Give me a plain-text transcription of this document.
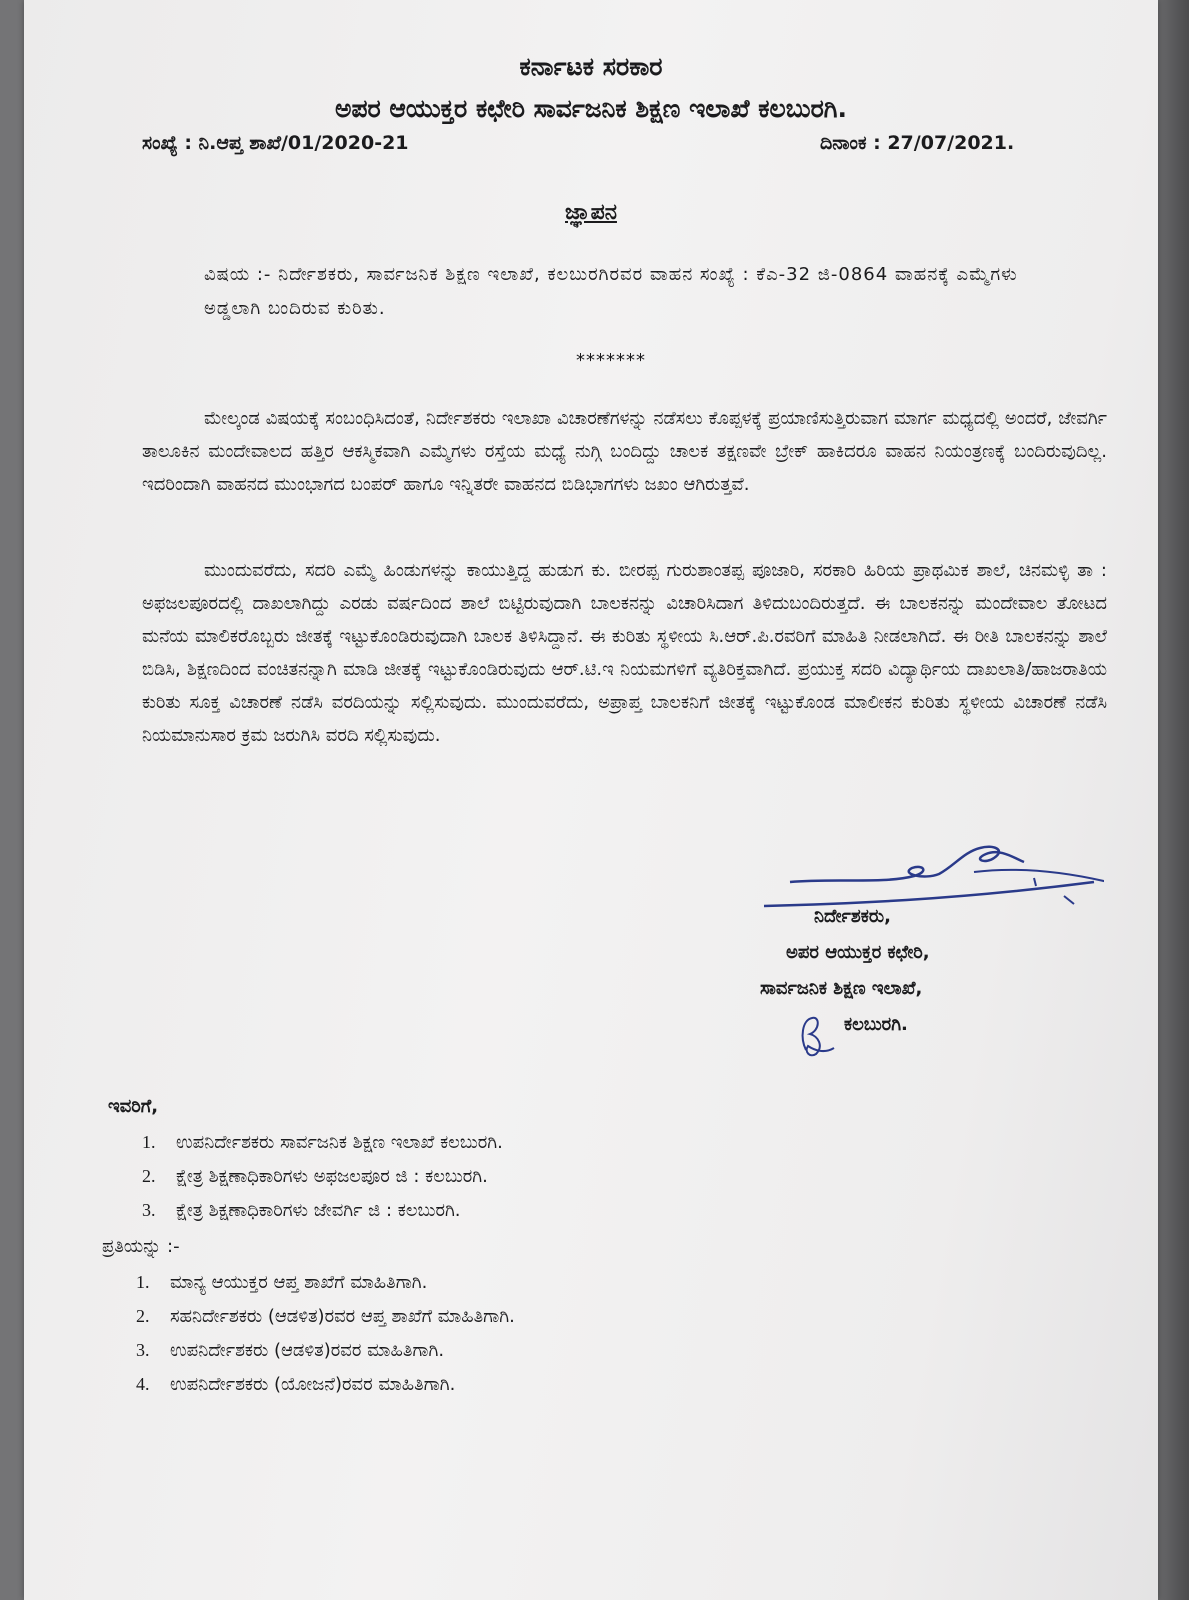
ಕರ್ನಾಟಕ ಸರಕಾರ
ಅಪರ ಆಯುಕ್ತರ ಕಛೇರಿ ಸಾರ್ವಜನಿಕ ಶಿಕ್ಷಣ ಇಲಾಖೆ ಕಲಬುರಗಿ.
ಸಂಖ್ಯೆ : ನಿ.ಆಪ್ತ ಶಾಖೆ/01/2020-21	ದಿನಾಂಕ : 27/07/2021.
ಜ್ಞಾಪನ
ವಿಷಯ :- ನಿರ್ದೇಶಕರು, ಸಾರ್ವಜನಿಕ ಶಿಕ್ಷಣ ಇಲಾಖೆ, ಕಲಬುರಗಿರವರ ವಾಹನ ಸಂಖ್ಯೆ : ಕೆಎ-32 ಜಿ-0864 ವಾಹನಕ್ಕೆ ಎಮ್ಮೆಗಳು ಅಡ್ಡಲಾಗಿ ಬಂದಿರುವ ಕುರಿತು.
*******
ಮೇಲ್ಕಂಡ ವಿಷಯಕ್ಕೆ ಸಂಬಂಧಿಸಿದಂತೆ, ನಿರ್ದೇಶಕರು ಇಲಾಖಾ ವಿಚಾರಣೆಗಳನ್ನು ನಡೆಸಲು ಕೊಪ್ಪಳಕ್ಕೆ ಪ್ರಯಾಣಿಸುತ್ತಿರುವಾಗ ಮಾರ್ಗ ಮಧ್ಯದಲ್ಲಿ ಅಂದರೆ, ಜೇವರ್ಗಿ ತಾಲೂಕಿನ ಮಂದೇವಾಲದ ಹತ್ತಿರ ಆಕಸ್ಮಿಕವಾಗಿ ಎಮ್ಮೆಗಳು ರಸ್ತೆಯ ಮಧ್ಯೆ ನುಗ್ಗಿ ಬಂದಿದ್ದು ಚಾಲಕ ತಕ್ಷಣವೇ ಬ್ರೇಕ್ ಹಾಕಿದರೂ ವಾಹನ ನಿಯಂತ್ರಣಕ್ಕೆ ಬಂದಿರುವುದಿಲ್ಲ. ಇದರಿಂದಾಗಿ ವಾಹನದ ಮುಂಭಾಗದ ಬಂಪರ್ ಹಾಗೂ ಇನ್ನಿತರೇ ವಾಹನದ ಬಿಡಿಭಾಗಗಳು ಜಖಂ ಆಗಿರುತ್ತವೆ.
ಮುಂದುವರೆದು, ಸದರಿ ಎಮ್ಮೆ ಹಿಂಡುಗಳನ್ನು ಕಾಯುತ್ತಿದ್ದ ಹುಡುಗ ಕು. ಬೀರಪ್ಪ ಗುರುಶಾಂತಪ್ಪ ಪೂಜಾರಿ, ಸರಕಾರಿ ಹಿರಿಯ ಪ್ರಾಥಮಿಕ ಶಾಲೆ, ಚಿನಮಳ್ಳಿ ತಾ : ಅಫಜಲಪೂರದಲ್ಲಿ ದಾಖಲಾಗಿದ್ದು ಎರಡು ವರ್ಷದಿಂದ ಶಾಲೆ ಬಿಟ್ಟಿರುವುದಾಗಿ ಬಾಲಕನನ್ನು ವಿಚಾರಿಸಿದಾಗ ತಿಳಿದುಬಂದಿರುತ್ತದೆ. ಈ ಬಾಲಕನನ್ನು ಮಂದೇವಾಲ ತೋಟದ ಮನೆಯ ಮಾಲಿಕರೊಬ್ಬರು ಜೀತಕ್ಕೆ ಇಟ್ಟುಕೊಂಡಿರುವುದಾಗಿ ಬಾಲಕ ತಿಳಿಸಿದ್ದಾನೆ. ಈ ಕುರಿತು ಸ್ಥಳೀಯ ಸಿ.ಆರ್.ಪಿ.ರವರಿಗೆ ಮಾಹಿತಿ ನೀಡಲಾಗಿದೆ. ಈ ರೀತಿ ಬಾಲಕನನ್ನು ಶಾಲೆ ಬಿಡಿಸಿ, ಶಿಕ್ಷಣದಿಂದ ವಂಚಿತನನ್ನಾಗಿ ಮಾಡಿ ಜೀತಕ್ಕೆ ಇಟ್ಟುಕೊಂಡಿರುವುದು ಆರ್.ಟಿ.ಇ ನಿಯಮಗಳಿಗೆ ವ್ಯತಿರಿಕ್ತವಾಗಿದೆ. ಪ್ರಯುಕ್ತ ಸದರಿ ವಿದ್ಯಾರ್ಥಿಯ ದಾಖಲಾತಿ/ಹಾಜರಾತಿಯ ಕುರಿತು ಸೂಕ್ತ ವಿಚಾರಣೆ ನಡೆಸಿ ವರದಿಯನ್ನು ಸಲ್ಲಿಸುವುದು. ಮುಂದುವರೆದು, ಅಪ್ರಾಪ್ತ ಬಾಲಕನಿಗೆ ಜೀತಕ್ಕೆ ಇಟ್ಟುಕೊಂಡ ಮಾಲೀಕನ ಕುರಿತು ಸ್ಥಳೀಯ ವಿಚಾರಣೆ ನಡೆಸಿ ನಿಯಮಾನುಸಾರ ಕ್ರಮ ಜರುಗಿಸಿ ವರದಿ ಸಲ್ಲಿಸುವುದು.
ನಿರ್ದೇಶಕರು,
ಅಪರ ಆಯುಕ್ತರ ಕಛೇರಿ,
ಸಾರ್ವಜನಿಕ ಶಿಕ್ಷಣ ಇಲಾಖೆ,
ಕಲಬುರಗಿ.
ಇವರಿಗೆ,
1. ಉಪನಿರ್ದೇಶಕರು ಸಾರ್ವಜನಿಕ ಶಿಕ್ಷಣ ಇಲಾಖೆ ಕಲಬುರಗಿ.
2. ಕ್ಷೇತ್ರ ಶಿಕ್ಷಣಾಧಿಕಾರಿಗಳು ಅಫಜಲಪೂರ ಜಿ : ಕಲಬುರಗಿ.
3. ಕ್ಷೇತ್ರ ಶಿಕ್ಷಣಾಧಿಕಾರಿಗಳು ಜೇವರ್ಗಿ ಜಿ : ಕಲಬುರಗಿ.
ಪ್ರತಿಯನ್ನು :-
1. ಮಾನ್ಯ ಆಯುಕ್ತರ ಆಪ್ತ ಶಾಖೆಗೆ ಮಾಹಿತಿಗಾಗಿ.
2. ಸಹನಿರ್ದೇಶಕರು (ಆಡಳಿತ)ರವರ ಆಪ್ತ ಶಾಖೆಗೆ ಮಾಹಿತಿಗಾಗಿ.
3. ಉಪನಿರ್ದೇಶಕರು (ಆಡಳಿತ)ರವರ ಮಾಹಿತಿಗಾಗಿ.
4. ಉಪನಿರ್ದೇಶಕರು (ಯೋಜನೆ)ರವರ ಮಾಹಿತಿಗಾಗಿ.
